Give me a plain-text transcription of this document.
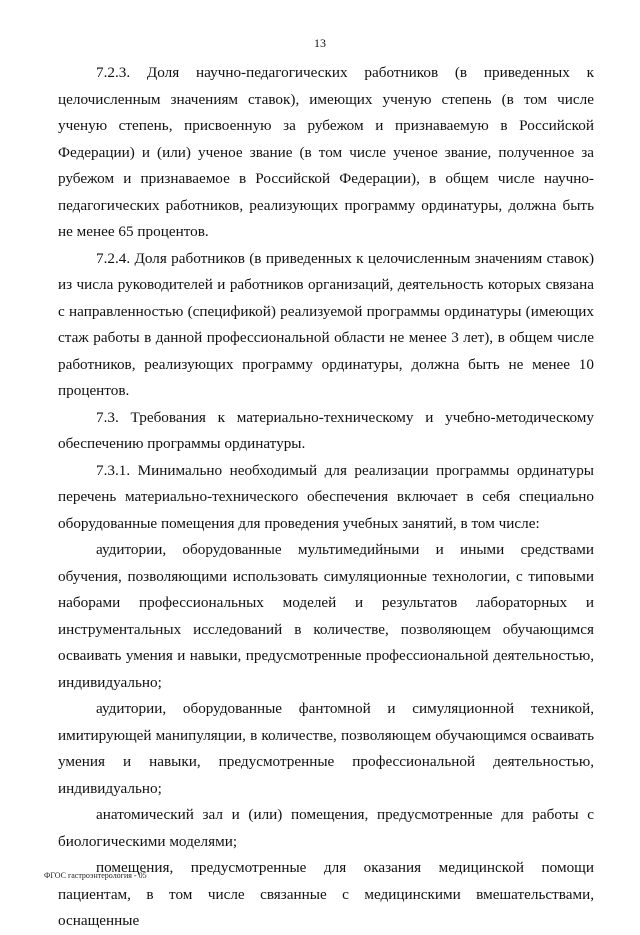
13

7.2.3. Доля научно-педагогических работников (в приведенных к целочисленным значениям ставок), имеющих ученую степень (в том числе ученую степень, присвоенную за рубежом и признаваемую в Российской Федерации) и (или) ученое звание (в том числе ученое звание, полученное за рубежом и признаваемое в Российской Федерации), в общем числе научно-педагогических работников, реализующих программу ординатуры, должна быть не менее 65 процентов.

7.2.4. Доля работников (в приведенных к целочисленным значениям ставок) из числа руководителей и работников организаций, деятельность которых связана с направленностью (спецификой) реализуемой программы ординатуры (имеющих стаж работы в данной профессиональной области не менее 3 лет), в общем числе работников, реализующих программу ординатуры, должна быть не менее 10 процентов.

7.3. Требования к материально-техническому и учебно-методическому обеспечению программы ординатуры.

7.3.1. Минимально необходимый для реализации программы ординатуры перечень материально-технического обеспечения включает в себя специально оборудованные помещения для проведения учебных занятий, в том числе:

аудитории, оборудованные мультимедийными и иными средствами обучения, позволяющими использовать симуляционные технологии, с типовыми наборами профессиональных моделей и результатов лабораторных и инструментальных исследований в количестве, позволяющем обучающимся осваивать умения и навыки, предусмотренные профессиональной деятельностью, индивидуально;

аудитории, оборудованные фантомной и симуляционной техникой, имитирующей манипуляции, в количестве, позволяющем обучающимся осваивать умения и навыки, предусмотренные профессиональной деятельностью, индивидуально;

анатомический зал и (или) помещения, предусмотренные для работы с биологическими моделями;

помещения, предусмотренные для оказания медицинской помощи пациентам, в том числе связанные с медицинскими вмешательствами, оснащенные

ФГОС гастроэнтерология - 05
